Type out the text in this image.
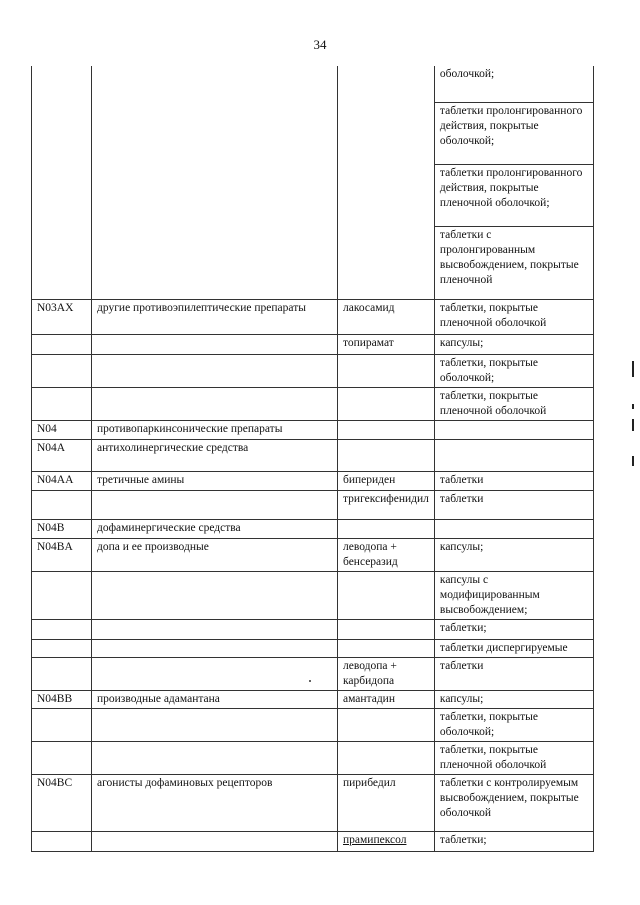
34

			оболочкой;

			таблетки пролонгированного действия, покрытые оболочкой;

			таблетки пролонгированного действия, покрытые пленочной оболочкой;

			таблетки с пролонгированным высвобождением, покрытые пленочной

N03AX	другие противоэпилептические препараты	лакосамид	таблетки, покрытые пленочной оболочкой

		топирамат	капсулы;

			таблетки, покрытые оболочкой;

			таблетки, покрытые пленочной оболочкой

N04	противопаркинсонические препараты		

N04A	антихолинергические средства		

N04AA	третичные амины	бипериден	таблетки

		тригексифенидил	таблетки

N04B	дофаминергические средства		

N04BA	допа и ее производные	леводопа + бенсеразид	капсулы;

			капсулы с модифицированным высвобождением;

			таблетки;

			таблетки диспергируемые

		леводопа + карбидопа	таблетки

N04BB	производные адамантана	амантадин	капсулы;

			таблетки, покрытые оболочкой;

			таблетки, покрытые пленочной оболочкой

N04BC	агонисты дофаминовых рецепторов	пирибедил	таблетки с контролируемым высвобождением, покрытые оболочкой

		прамипексол	таблетки;
